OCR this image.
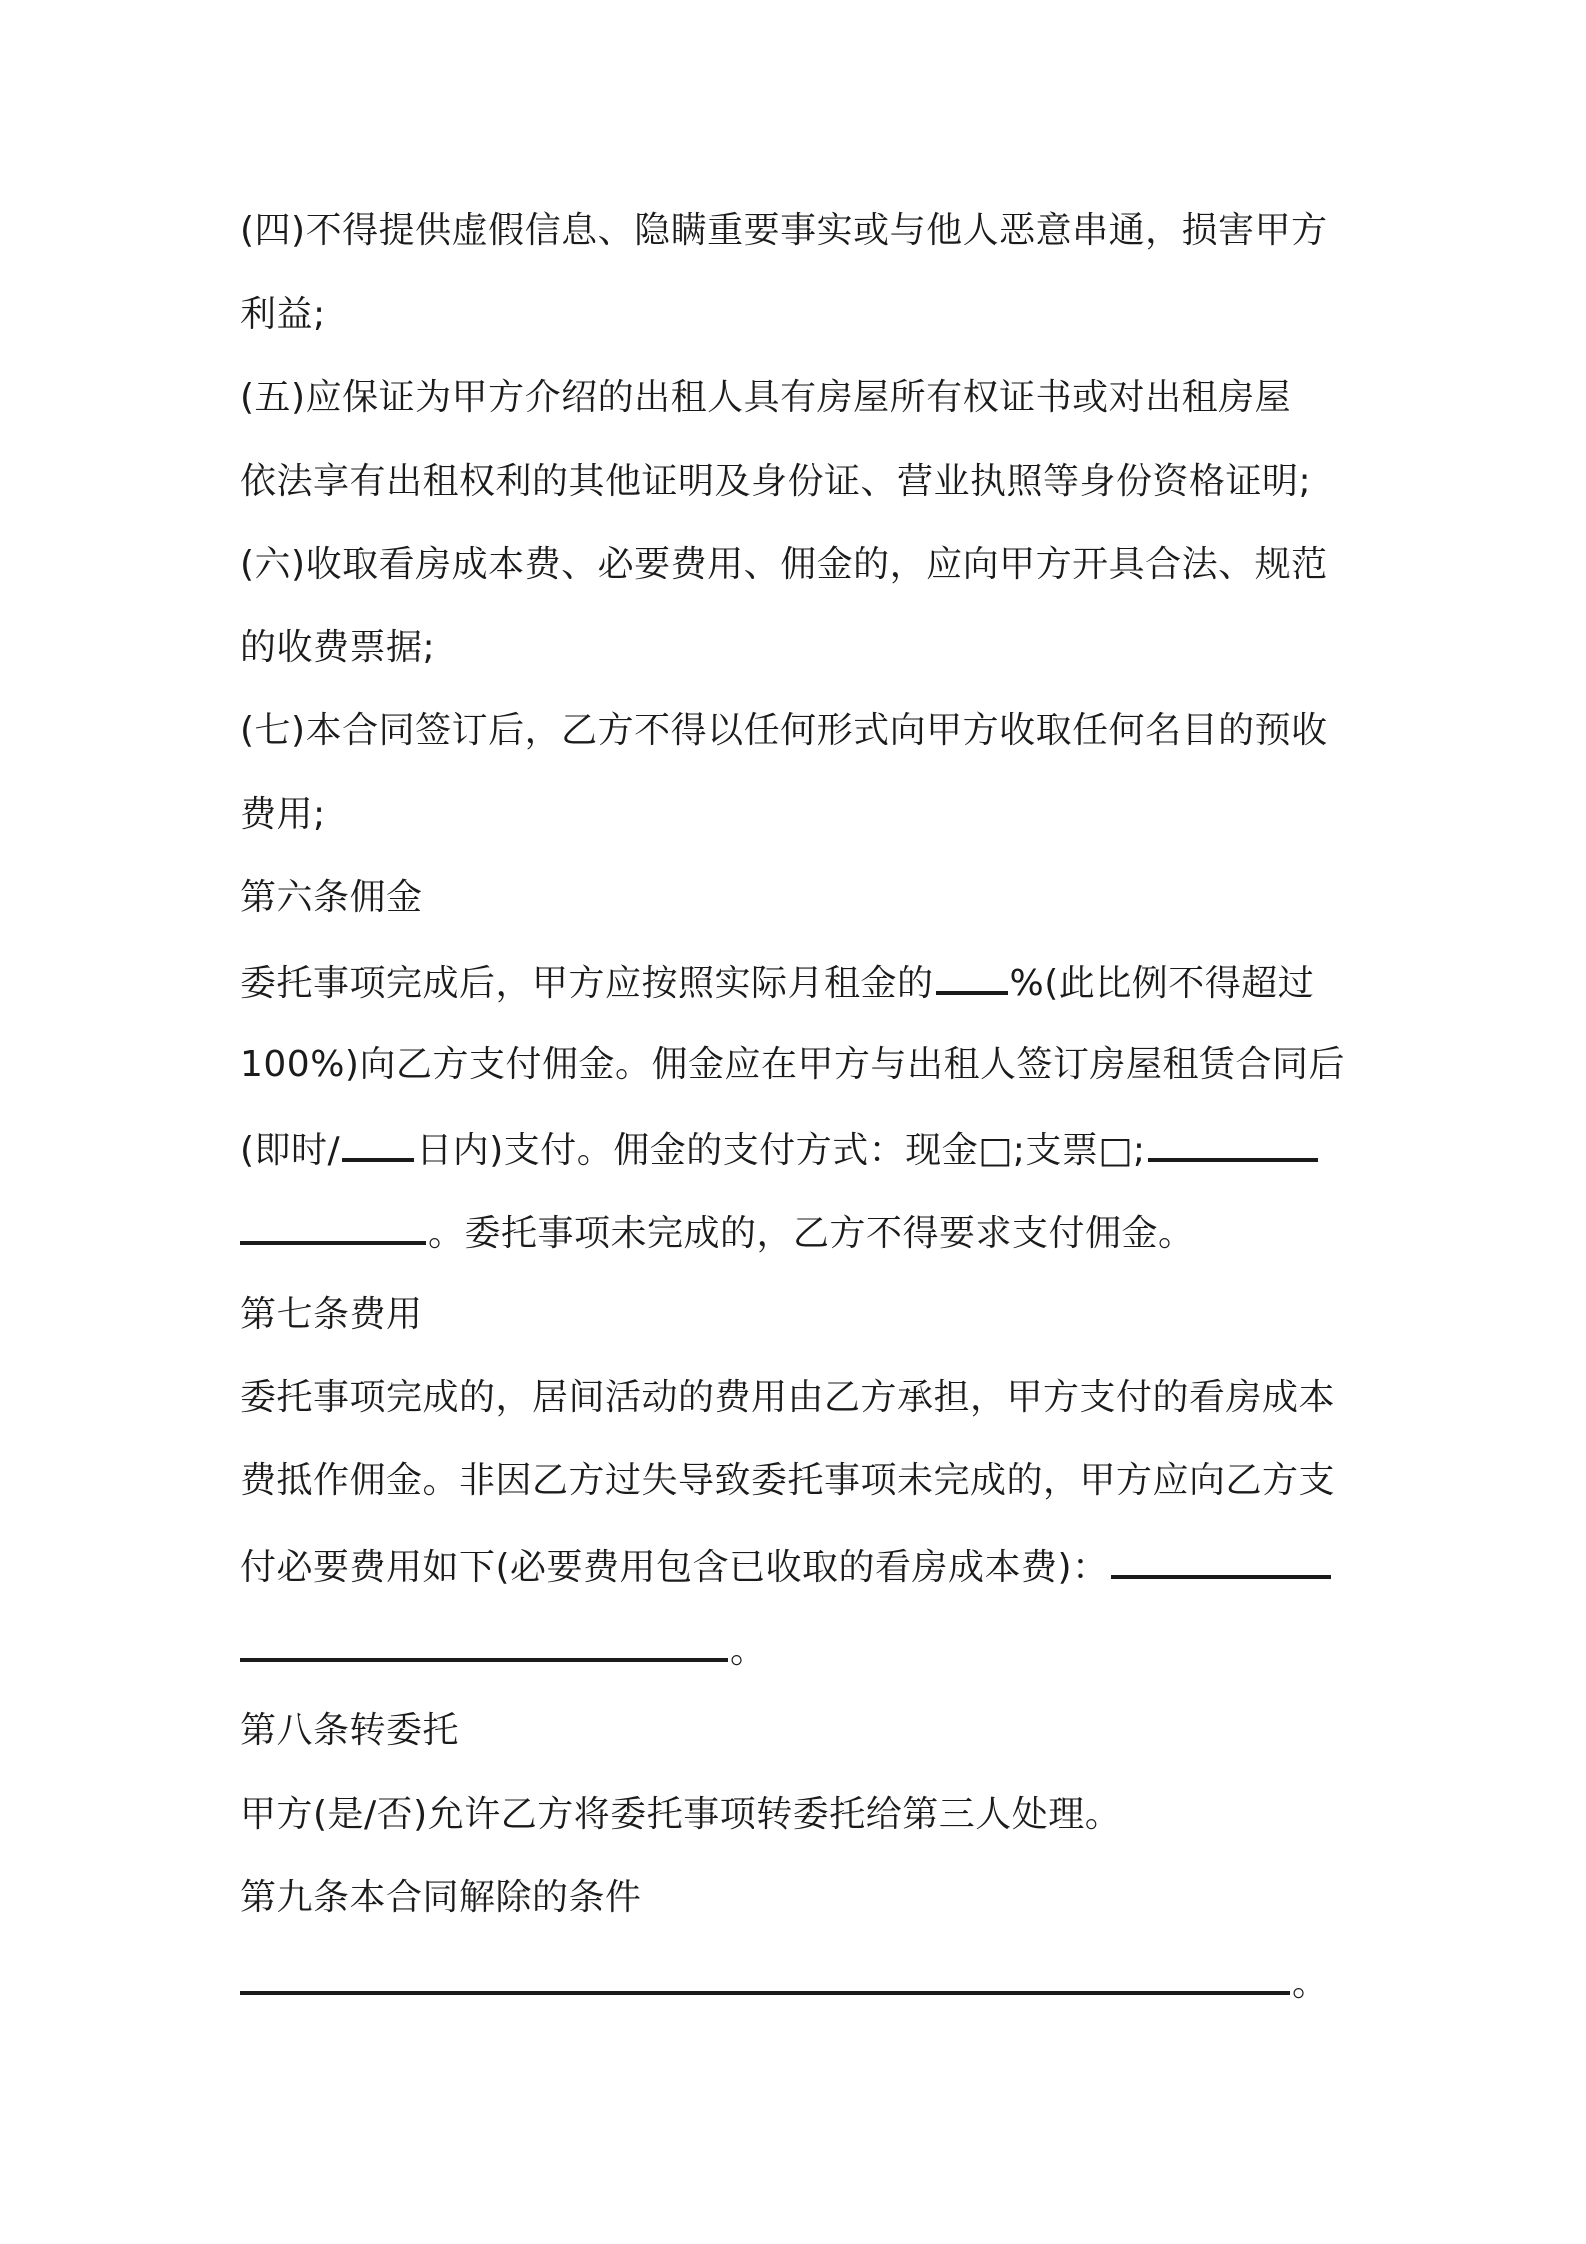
(四)不得提供虚假信息、隐瞒重要事实或与他人恶意串通，损害甲方
利益;
(五)应保证为甲方介绍的出租人具有房屋所有权证书或对出租房屋
依法享有出租权利的其他证明及身份证、营业执照等身份资格证明;
(六)收取看房成本费、必要费用、佣金的，应向甲方开具合法、规范
的收费票据;
(七)本合同签订后，乙方不得以任何形式向甲方收取任何名目的预收
费用;
第六条佣金
委托事项完成后，甲方应按照实际月租金的 %(此比例不得超过
100%)向乙方支付佣金。佣金应在甲方与出租人签订房屋租赁合同后
(即时/ 日内)支付。佣金的支付方式：现金□;支票□;
。委托事项未完成的，乙方不得要求支付佣金。
第七条费用
委托事项完成的，居间活动的费用由乙方承担，甲方支付的看房成本
费抵作佣金。非因乙方过失导致委托事项未完成的，甲方应向乙方支
付必要费用如下(必要费用包含已收取的看房成本费)：
。
第八条转委托
甲方(是/否)允许乙方将委托事项转委托给第三人处理。
第九条本合同解除的条件
。
